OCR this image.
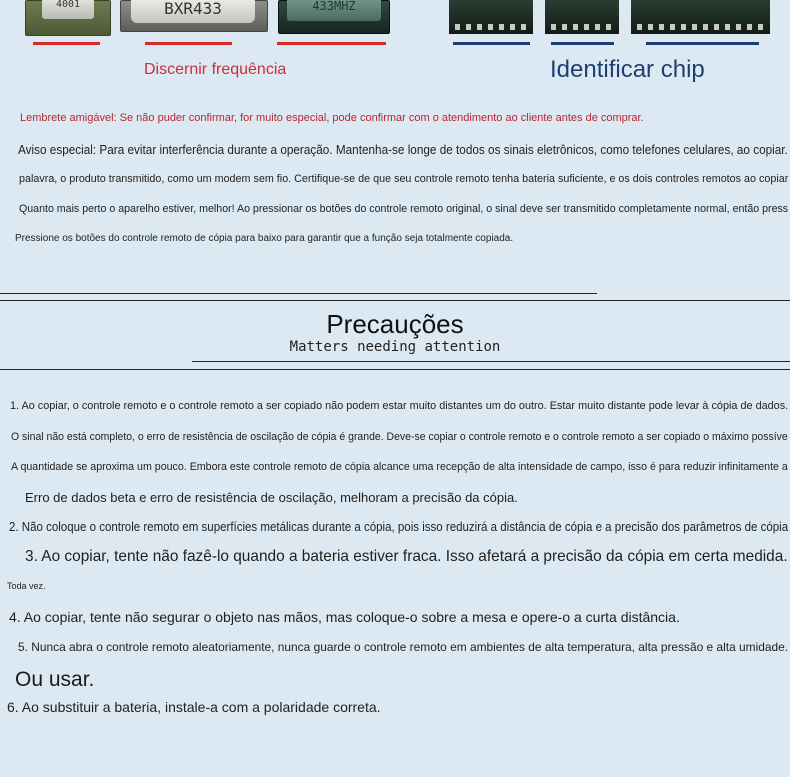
4001	BXR433	433MHZ
Discernir frequência	Identificar chip
Lembrete amigável: Se não puder confirmar, for muito especial, pode confirmar com o atendimento ao cliente antes de comprar.
Aviso especial: Para evitar interferência durante a operação. Mantenha-se longe de todos os sinais eletrônicos, como telefones celulares, ao copiar.
palavra, o produto transmitido, como um modem sem fio. Certifique-se de que seu controle remoto tenha bateria suficiente, e os dois controles remotos ao copiar
Quanto mais perto o aparelho estiver, melhor! Ao pressionar os botões do controle remoto original, o sinal deve ser transmitido completamente normal, então press
Pressione os botões do controle remoto de cópia para baixo para garantir que a função seja totalmente copiada.
Precauções
Matters needing attention
1. Ao copiar, o controle remoto e o controle remoto a ser copiado não podem estar muito distantes um do outro. Estar muito distante pode levar à cópia de dados.
O sinal não está completo, o erro de resistência de oscilação de cópia é grande. Deve-se copiar o controle remoto e o controle remoto a ser copiado o máximo possíve
A quantidade se aproxima um pouco. Embora este controle remoto de cópia alcance uma recepção de alta intensidade de campo, isso é para reduzir infinitamente a
Erro de dados beta e erro de resistência de oscilação, melhoram a precisão da cópia.
2. Não coloque o controle remoto em superfícies metálicas durante a cópia, pois isso reduzirá a distância de cópia e a precisão dos parâmetros de cópia
3. Ao copiar, tente não fazê-lo quando a bateria estiver fraca. Isso afetará a precisão da cópia em certa medida.
Toda vez.
4. Ao copiar, tente não segurar o objeto nas mãos, mas coloque-o sobre a mesa e opere-o a curta distância.
5. Nunca abra o controle remoto aleatoriamente, nunca guarde o controle remoto em ambientes de alta temperatura, alta pressão e alta umidade.
Ou usar.
6. Ao substituir a bateria, instale-a com a polaridade correta.
